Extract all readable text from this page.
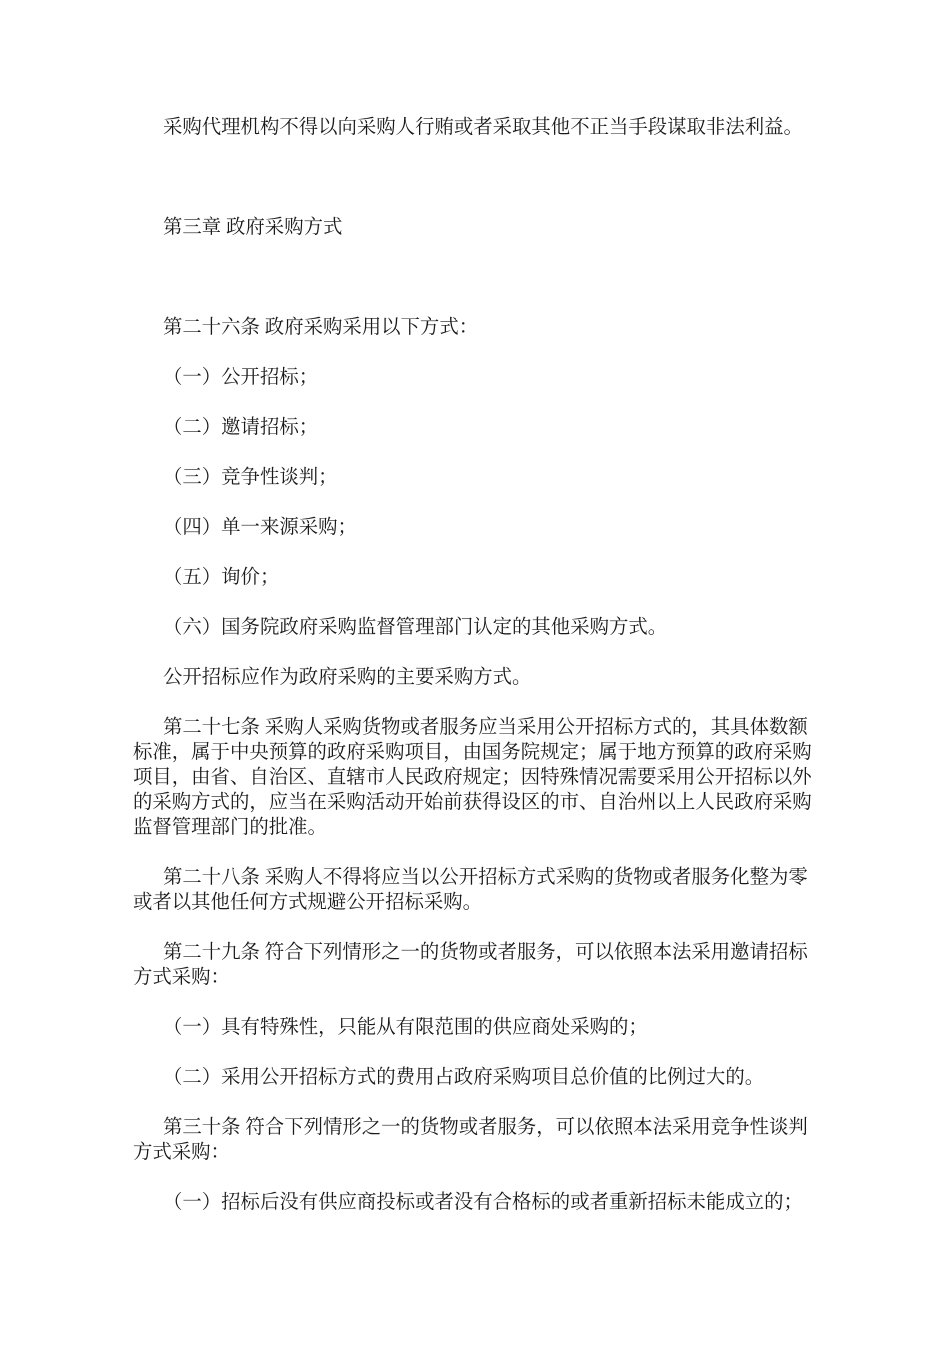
采购代理机构不得以向采购人行贿或者采取其他不正当手段谋取非法利益。

第三章 政府采购方式

第二十六条 政府采购采用以下方式：

（一）公开招标；

（二）邀请招标；

（三）竞争性谈判；

（四）单一来源采购；

（五）询价；

（六）国务院政府采购监督管理部门认定的其他采购方式。

公开招标应作为政府采购的主要采购方式。

第二十七条 采购人采购货物或者服务应当采用公开招标方式的，其具体数额
标准，属于中央预算的政府采购项目，由国务院规定；属于地方预算的政府采购
项目，由省、自治区、直辖市人民政府规定；因特殊情况需要采用公开招标以外
的采购方式的，应当在采购活动开始前获得设区的市、自治州以上人民政府采购
监督管理部门的批准。

第二十八条 采购人不得将应当以公开招标方式采购的货物或者服务化整为零
或者以其他任何方式规避公开招标采购。

第二十九条 符合下列情形之一的货物或者服务，可以依照本法采用邀请招标
方式采购：

（一）具有特殊性，只能从有限范围的供应商处采购的；

（二）采用公开招标方式的费用占政府采购项目总价值的比例过大的。

第三十条 符合下列情形之一的货物或者服务，可以依照本法采用竞争性谈判
方式采购：

（一）招标后没有供应商投标或者没有合格标的或者重新招标未能成立的；
